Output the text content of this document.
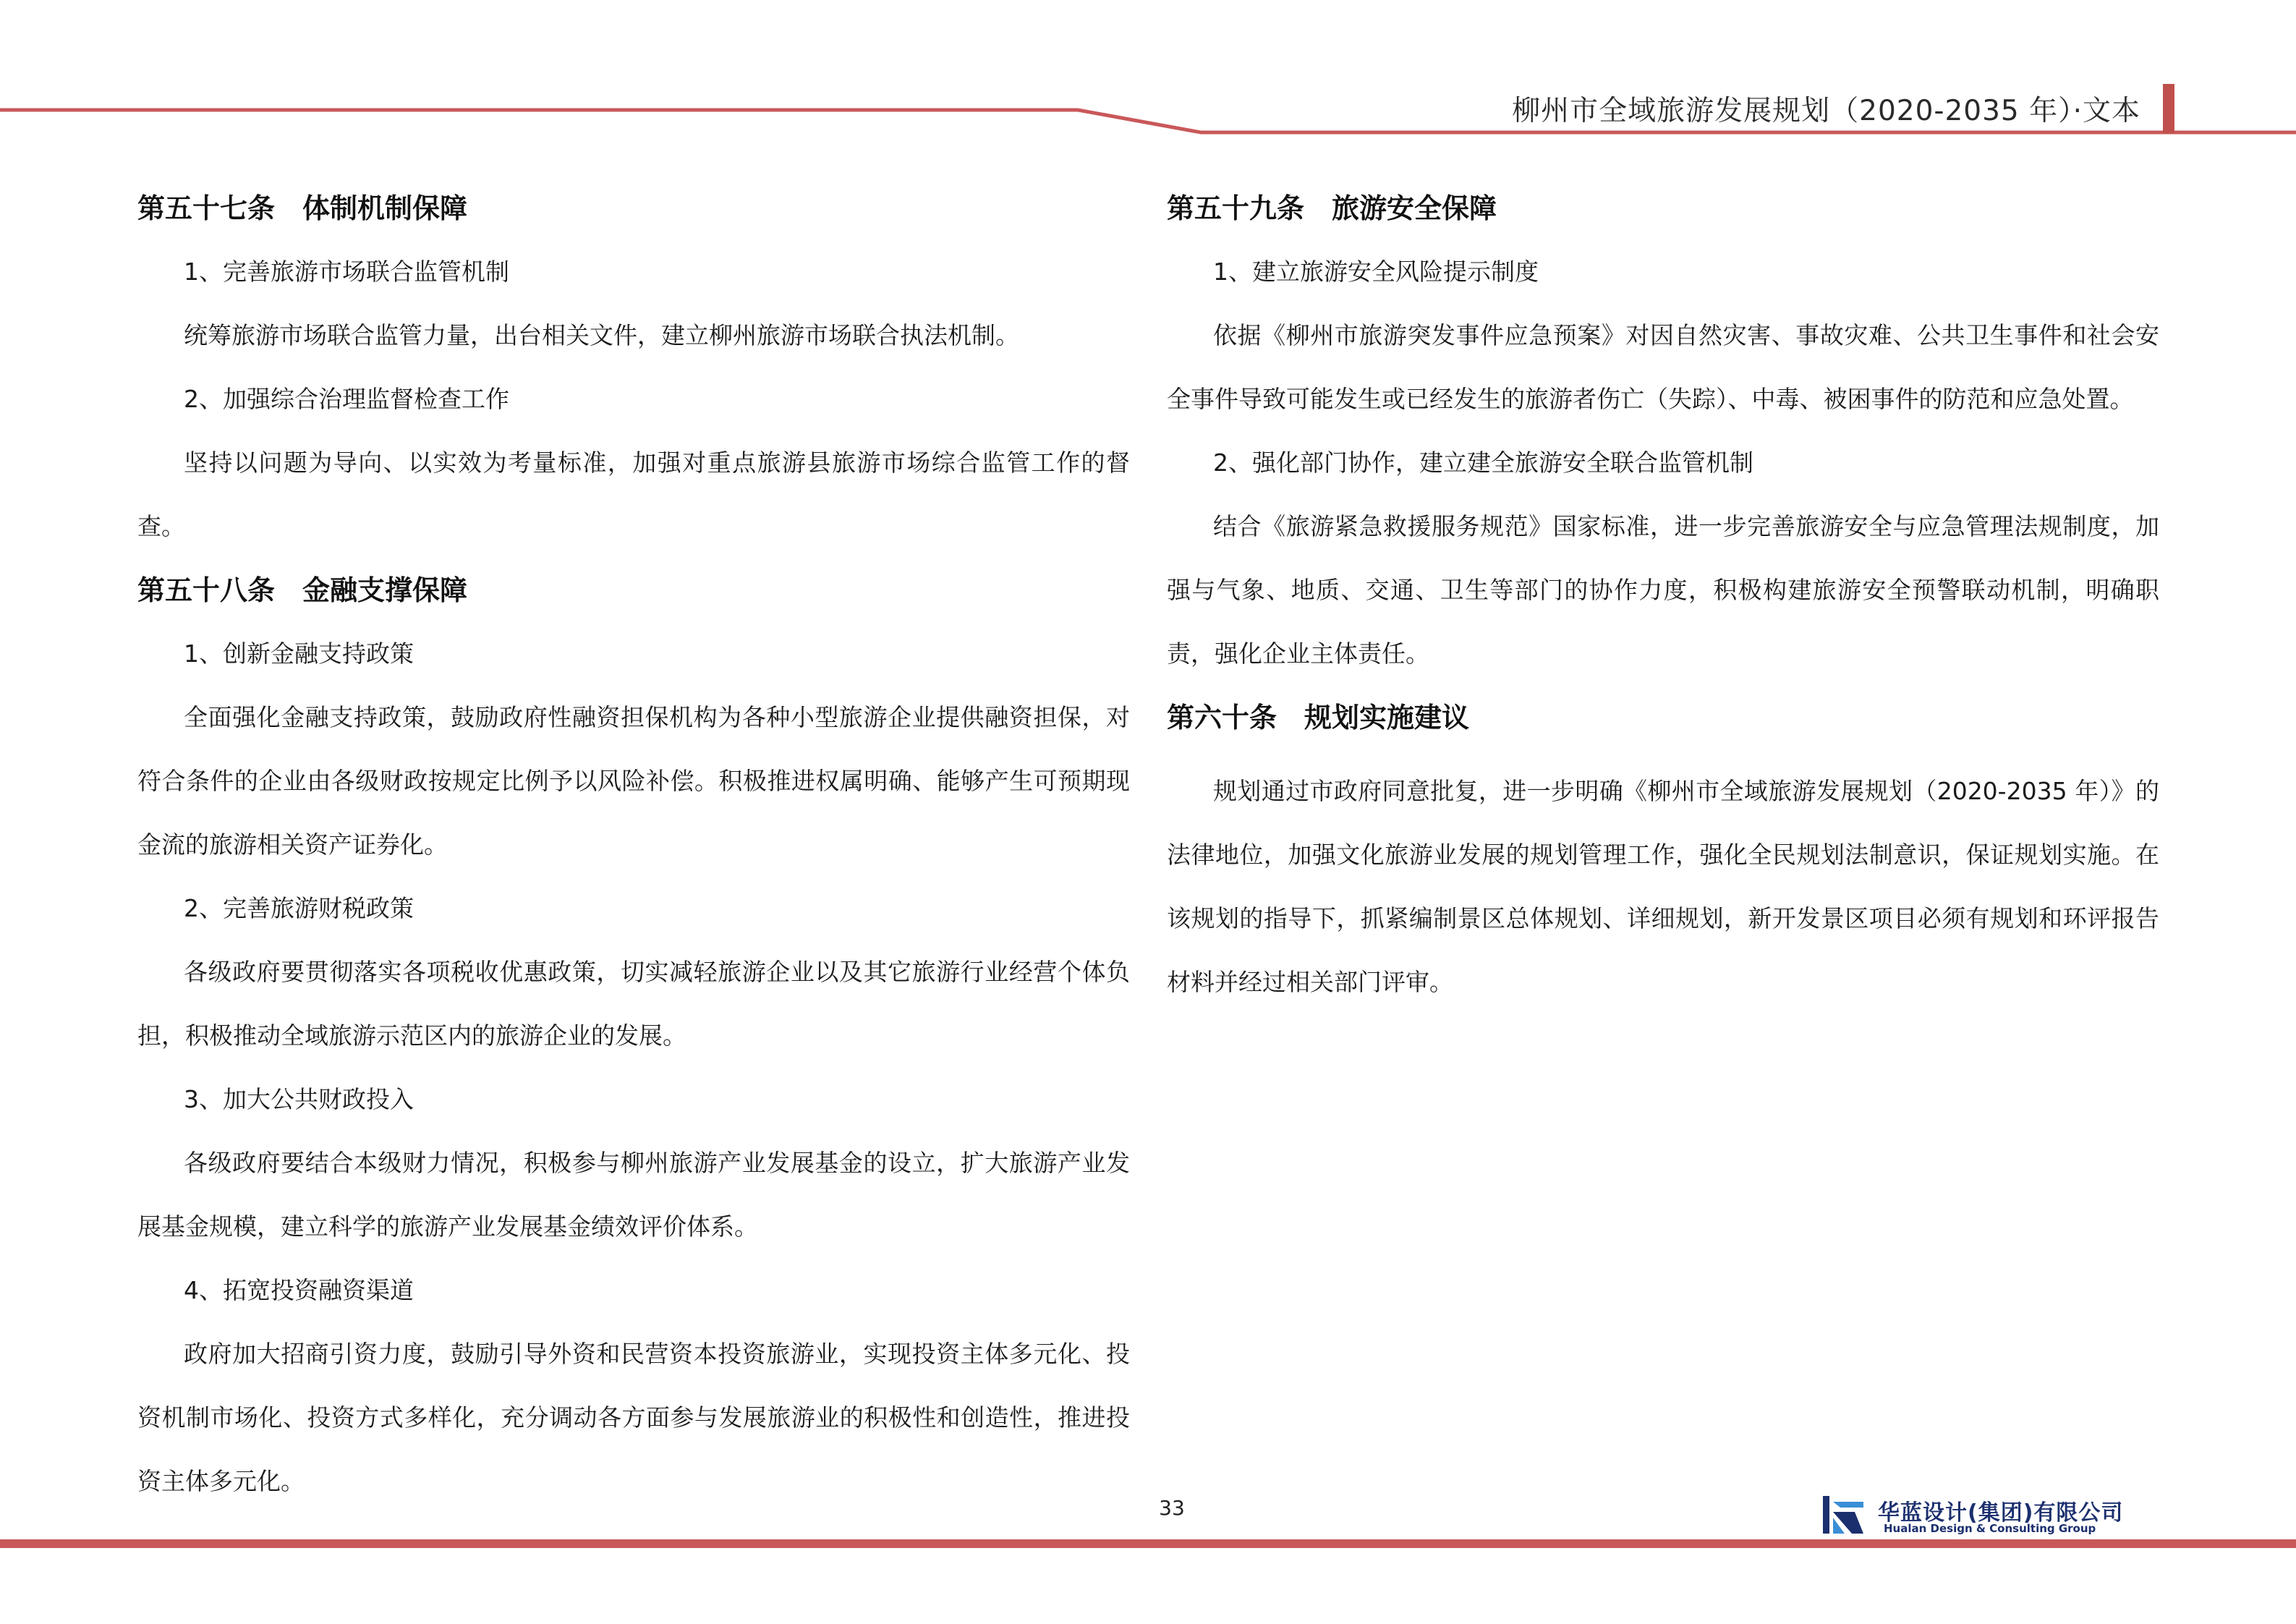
柳州市全域旅游发展规划（2020-2035 年）·文本
第五十七条 体制机制保障
1、完善旅游市场联合监管机制
统筹旅游市场联合监管力量，出台相关文件，建立柳州旅游市场联合执法机制。
2、加强综合治理监督检查工作
坚持以问题为导向、以实效为考量标准，加强对重点旅游县旅游市场综合监管工作的督查。
第五十八条 金融支撑保障
1、创新金融支持政策
全面强化金融支持政策，鼓励政府性融资担保机构为各种小型旅游企业提供融资担保，对符合条件的企业由各级财政按规定比例予以风险补偿。积极推进权属明确、能够产生可预期现金流的旅游相关资产证券化。
2、完善旅游财税政策
各级政府要贯彻落实各项税收优惠政策，切实减轻旅游企业以及其它旅游行业经营个体负担，积极推动全域旅游示范区内的旅游企业的发展。
3、加大公共财政投入
各级政府要结合本级财力情况，积极参与柳州旅游产业发展基金的设立，扩大旅游产业发展基金规模，建立科学的旅游产业发展基金绩效评价体系。
4、拓宽投资融资渠道
政府加大招商引资力度，鼓励引导外资和民营资本投资旅游业，实现投资主体多元化、投资机制市场化、投资方式多样化，充分调动各方面参与发展旅游业的积极性和创造性，推进投资主体多元化。
第五十九条 旅游安全保障
1、建立旅游安全风险提示制度
依据《柳州市旅游突发事件应急预案》对因自然灾害、事故灾难、公共卫生事件和社会安全事件导致可能发生或已经发生的旅游者伤亡（失踪）、中毒、被困事件的防范和应急处置。
2、强化部门协作，建立建全旅游安全联合监管机制
结合《旅游紧急救援服务规范》国家标准，进一步完善旅游安全与应急管理法规制度，加强与气象、地质、交通、卫生等部门的协作力度，积极构建旅游安全预警联动机制，明确职责，强化企业主体责任。
第六十条 规划实施建议
规划通过市政府同意批复，进一步明确《柳州市全域旅游发展规划（2020-2035 年）》的法律地位，加强文化旅游业发展的规划管理工作，强化全民规划法制意识，保证规划实施。在该规划的指导下，抓紧编制景区总体规划、详细规划，新开发景区项目必须有规划和环评报告材料并经过相关部门评审。
33	华蓝设计(集团)有限公司
Hualan Design & Consulting Group
